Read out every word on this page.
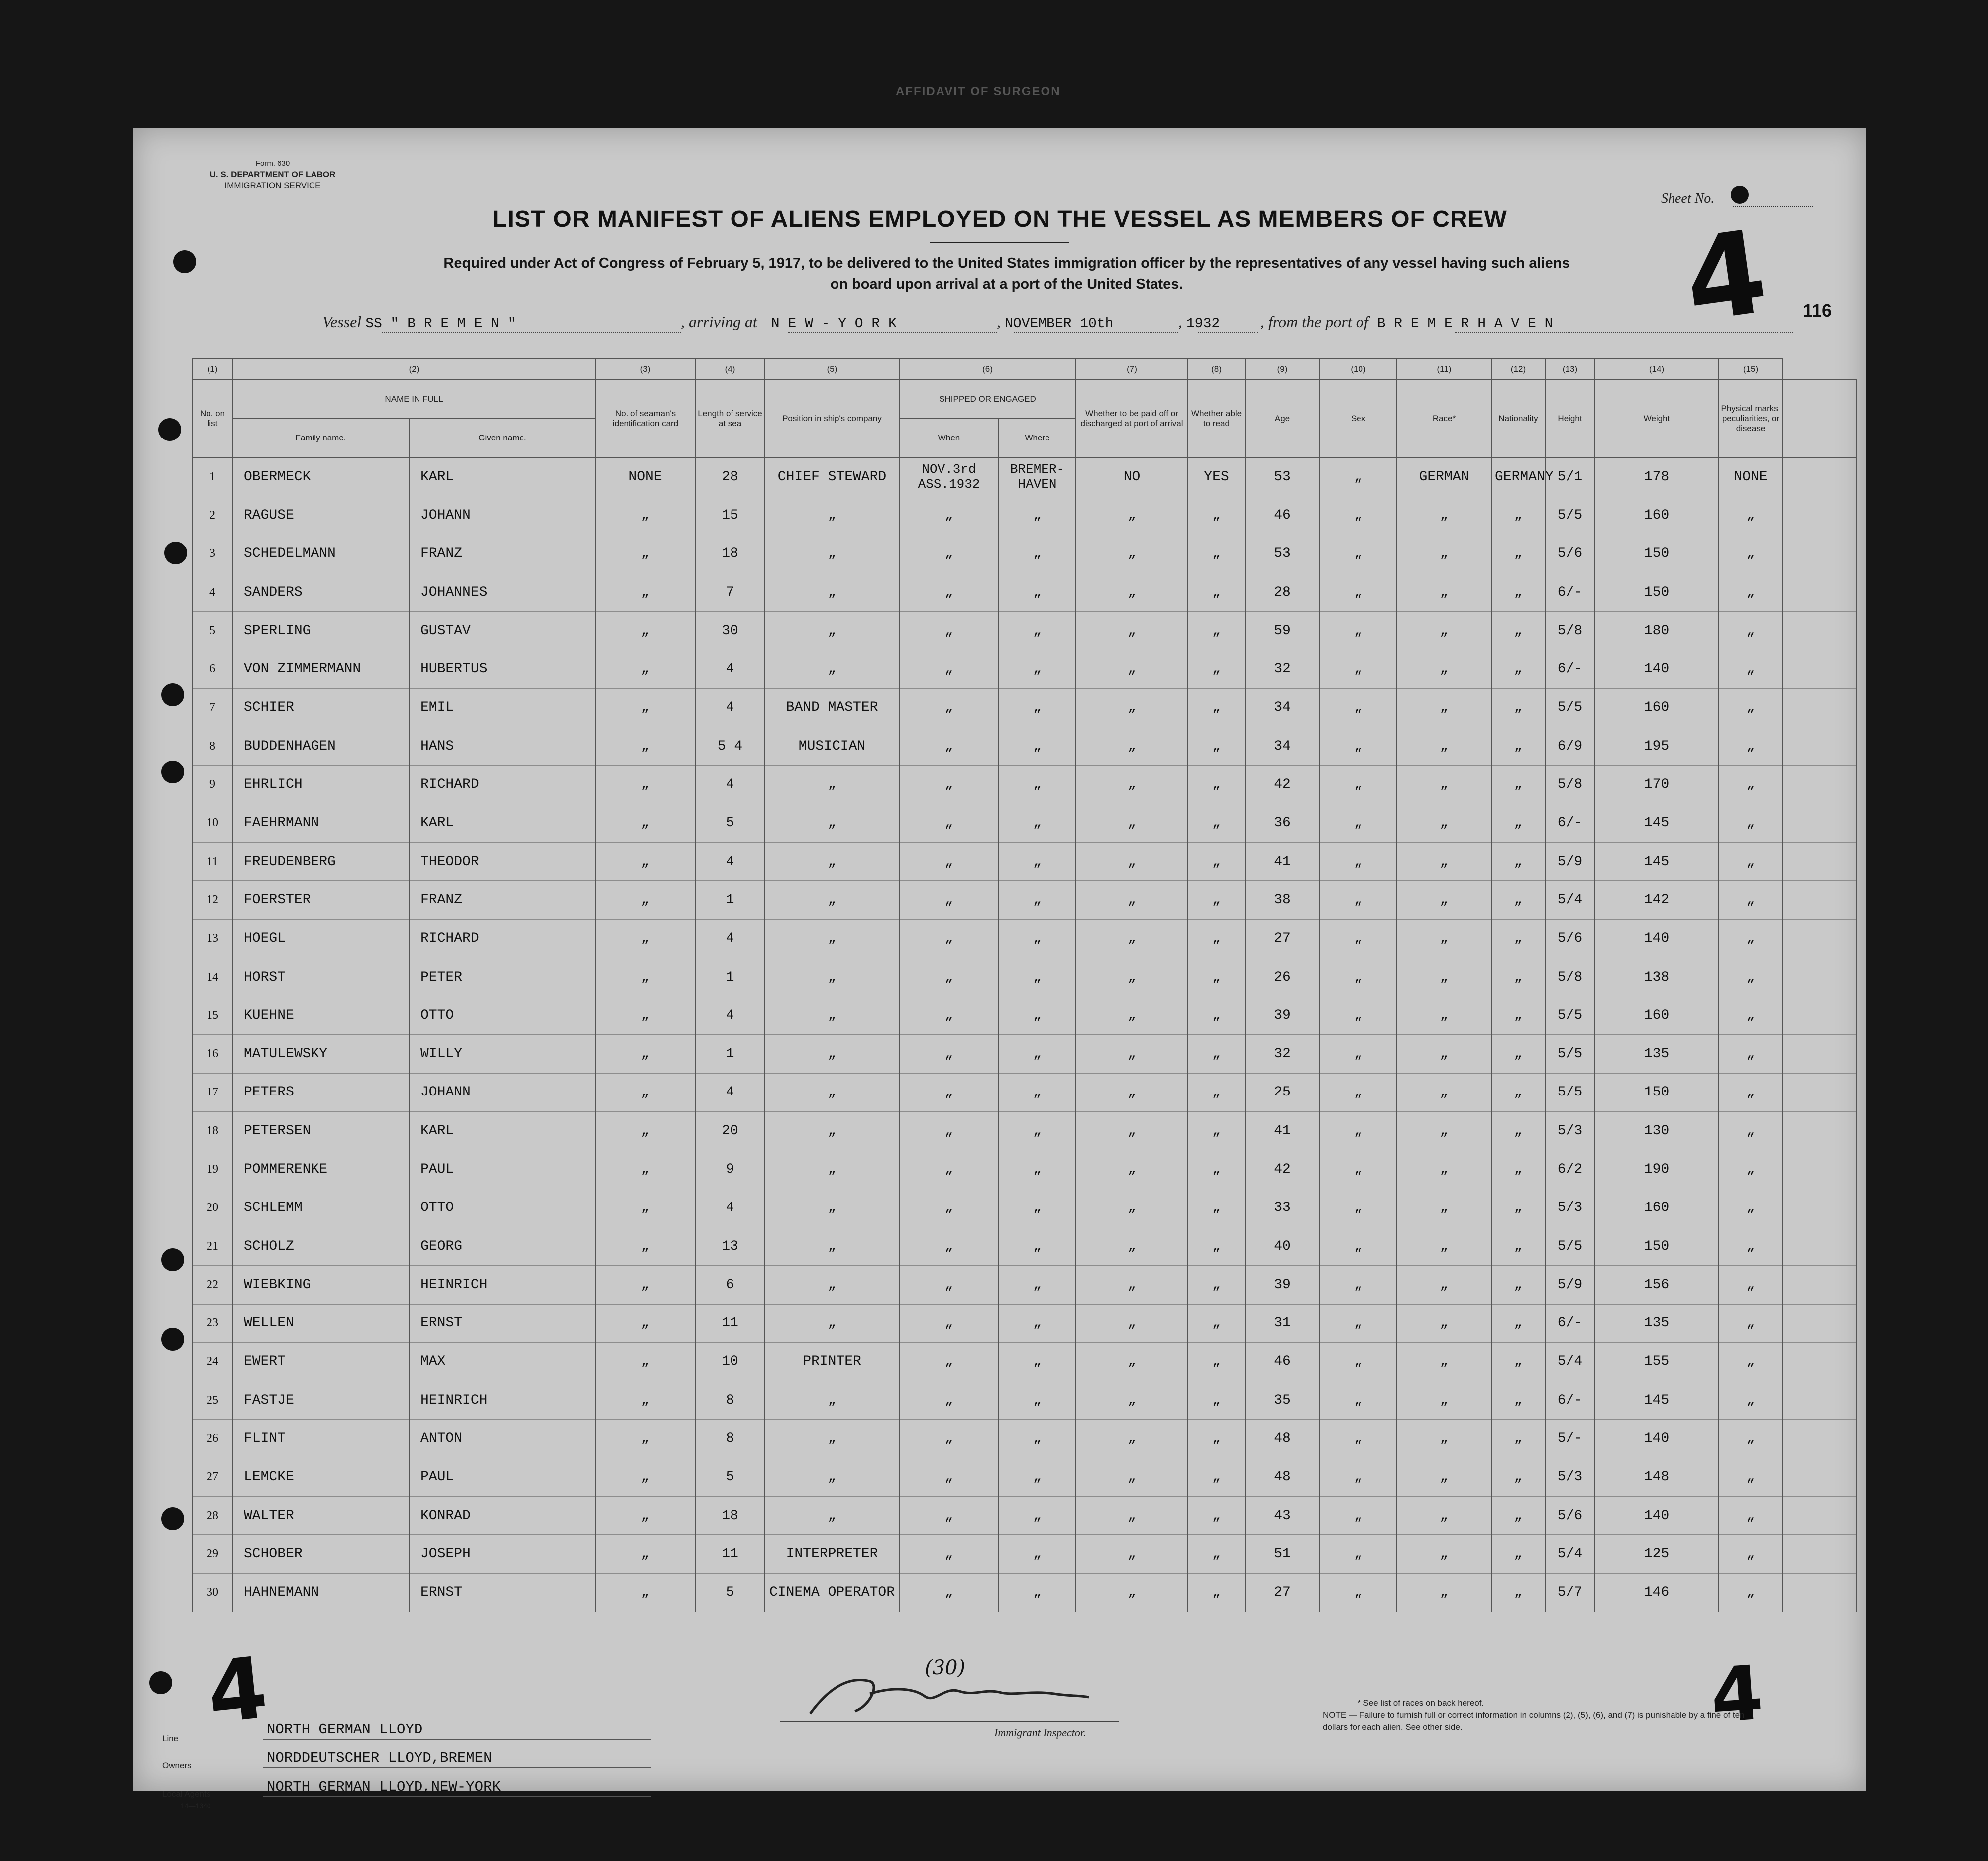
AFFIDAVIT OF SURGEON
Form. 630
U. S. DEPARTMENT OF LABOR
IMMIGRATION SERVICE
LIST OR MANIFEST OF ALIENS EMPLOYED ON THE VESSEL AS MEMBERS OF CREW
Required under Act of Congress of February 5, 1917, to be delivered to the United States immigration officer by the representatives of any vessel having such aliens
on board upon arrival at a port of the United States.
Sheet No.
4 116
Vessel SS " B R E M E N "	, arriving at N E W - Y O R K	, NOVEMBER 10th	, 1932	, from the port of B R E M E R H A V E N
(1)	(2)		(3)	(4)	(5)	(6)		(7)	(8)	(9)	(10)	(11)	(12)	(13)	(14)	(15)	
No. on list	NAME IN FULL		No. of seaman's identification card	Length of service at sea	Position in ship's company	SHIPPED OR ENGAGED		Whether to be paid off or discharged at port of arrival	Whether able to read	Age	Sex	Race*	Nationality	Height	Weight	Physical marks, peculiarities, or disease	
	Family name.	Given name.				When	Where										
1	OBERMECK	KARL	NONE	28	CHIEF STEWARD	NOV.3rd ASS.1932	BREMER- HAVEN	NO	YES	53	„	GERMAN	GERMANY	5/1	178	NONE	
2	RAGUSE	JOHANN	„	15	„	„	„	„	„	46	„	„	„	5/5	160	„	
3	SCHEDELMANN	FRANZ	„	18	„	„	„	„	„	53	„	„	„	5/6	150	„	
4	SANDERS	JOHANNES	„	7	„	„	„	„	„	28	„	„	„	6/-	150	„	
5	SPERLING	GUSTAV	„	30	„	„	„	„	„	59	„	„	„	5/8	180	„	
6	VON ZIMMERMANN	HUBERTUS	„	4	„	„	„	„	„	32	„	„	„	6/-	140	„	
7	SCHIER	EMIL	„	4	BAND MASTER	„	„	„	„	34	„	„	„	5/5	160	„	
8	BUDDENHAGEN	HANS	„	5 4	MUSICIAN	„	„	„	„	34	„	„	„	6/9	195	„	
9	EHRLICH	RICHARD	„	4	„	„	„	„	„	42	„	„	„	5/8	170	„	
10	FAEHRMANN	KARL	„	5	„	„	„	„	„	36	„	„	„	6/-	145	„	
11	FREUDENBERG	THEODOR	„	4	„	„	„	„	„	41	„	„	„	5/9	145	„	
12	FOERSTER	FRANZ	„	1	„	„	„	„	„	38	„	„	„	5/4	142	„	
13	HOEGL	RICHARD	„	4	„	„	„	„	„	27	„	„	„	5/6	140	„	
14	HORST	PETER	„	1	„	„	„	„	„	26	„	„	„	5/8	138	„	
15	KUEHNE	OTTO	„	4	„	„	„	„	„	39	„	„	„	5/5	160	„	
16	MATULEWSKY	WILLY	„	1	„	„	„	„	„	32	„	„	„	5/5	135	„	
17	PETERS	JOHANN	„	4	„	„	„	„	„	25	„	„	„	5/5	150	„	
18	PETERSEN	KARL	„	20	„	„	„	„	„	41	„	„	„	5/3	130	„	
19	POMMERENKE	PAUL	„	9	„	„	„	„	„	42	„	„	„	6/2	190	„	
20	SCHLEMM	OTTO	„	4	„	„	„	„	„	33	„	„	„	5/3	160	„	
21	SCHOLZ	GEORG	„	13	„	„	„	„	„	40	„	„	„	5/5	150	„	
22	WIEBKING	HEINRICH	„	6	„	„	„	„	„	39	„	„	„	5/9	156	„	
23	WELLEN	ERNST	„	11	„	„	„	„	„	31	„	„	„	6/-	135	„	
24	EWERT	MAX	„	10	PRINTER	„	„	„	„	46	„	„	„	5/4	155	„	
25	FASTJE	HEINRICH	„	8	„	„	„	„	„	35	„	„	„	6/-	145	„	
26	FLINT	ANTON	„	8	„	„	„	„	„	48	„	„	„	5/-	140	„	
27	LEMCKE	PAUL	„	5	„	„	„	„	„	48	„	„	„	5/3	148	„	
28	WALTER	KONRAD	„	18	„	„	„	„	„	43	„	„	„	5/6	140	„	
29	SCHOBER	JOSEPH	„	11	INTERPRETER	„	„	„	„	51	„	„	„	5/4	125	„	
30	HAHNEMANN	ERNST	„	5	CINEMA OPERATOR	„	„	„	„	27	„	„	„	5/7	146	„	
(30)
4	4
Line
NORTH GERMAN LLOYD
Owners	NORDDEUTSCHER LLOYD,BREMEN
Local Agents	NORTH GERMAN LLOYD,NEW-YORK
14—1340
Immigrant Inspector.
* See list of races on back hereof.
NOTE — Failure to furnish full or correct information in columns (2), (5), (6), and (7) is punishable by a fine of ten dollars for each alien. See other side.
